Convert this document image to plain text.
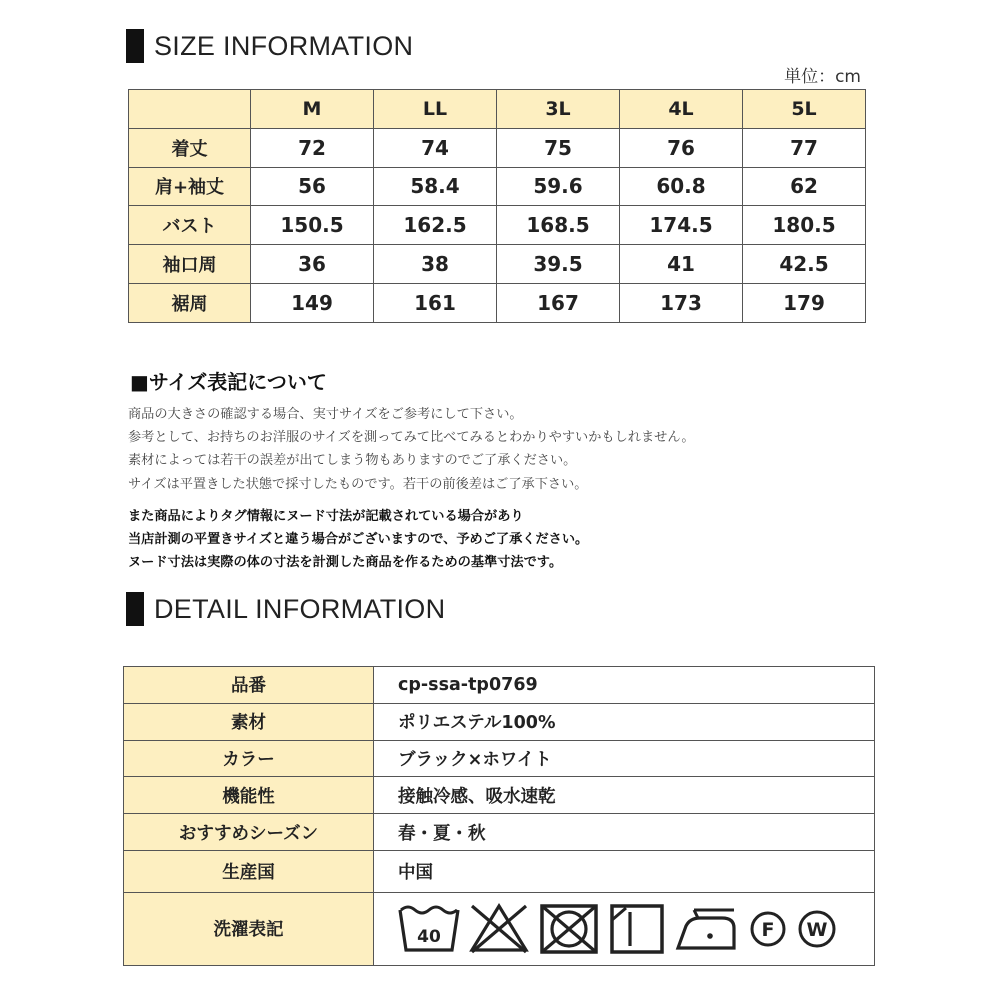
SIZE INFORMATION
単位：cm
	M	LL	3L	4L	5L
着丈	72	74	75	76	77
肩+袖丈	56	58.4	59.6	60.8	62
バスト	150.5	162.5	168.5	174.5	180.5
袖口周	36	38	39.5	41	42.5
裾周	149	161	167	173	179
■サイズ表記について
商品の大きさの確認する場合、実寸サイズをご参考にして下さい。
参考として、お持ちのお洋服のサイズを測ってみて比べてみるとわかりやすいかもしれません。
素材によっては若干の誤差が出てしまう物もありますのでご了承ください。
サイズは平置きした状態で採寸したものです。若干の前後差はご了承下さい。
また商品によりタグ情報にヌード寸法が記載されている場合があり
当店計測の平置きサイズと違う場合がございますので、予めご了承ください。
ヌード寸法は実際の体の寸法を計測した商品を作るための基準寸法です。
DETAIL INFORMATION
品番	cp-ssa-tp0769
素材	ポリエステル100%
カラー	ブラック×ホワイト
機能性	接触冷感、吸水速乾
おすすめシーズン	春・夏・秋
生産国	中国
洗濯表記	40 F W
